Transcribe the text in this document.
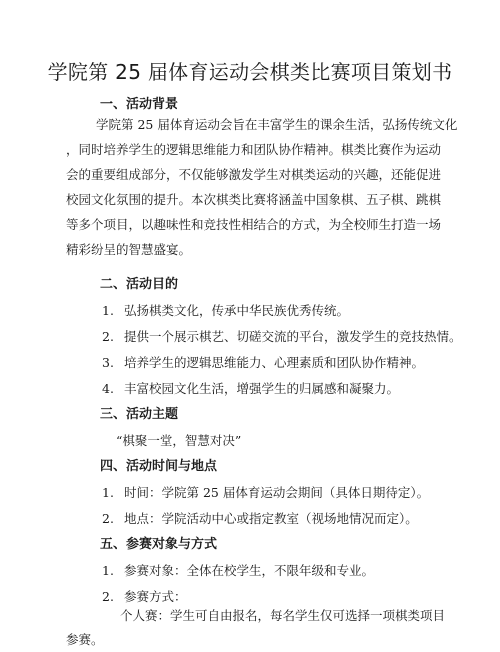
学院第 25 届体育运动会棋类比赛项目策划书
一、活动背景
学院第 25 届体育运动会旨在丰富学生的课余生活，弘扬传统文化
，同时培养学生的逻辑思维能力和团队协作精神。棋类比赛作为运动
会的重要组成部分，不仅能够激发学生对棋类运动的兴趣，还能促进
校园文化氛围的提升。本次棋类比赛将涵盖中国象棋、五子棋、跳棋
等多个项目，以趣味性和竞技性相结合的方式，为全校师生打造一场
精彩纷呈的智慧盛宴。
二、活动目的
1. 弘扬棋类文化，传承中华民族优秀传统。
2. 提供一个展示棋艺、切磋交流的平台，激发学生的竞技热情。
3. 培养学生的逻辑思维能力、心理素质和团队协作精神。
4. 丰富校园文化生活，增强学生的归属感和凝聚力。
三、活动主题
“棋聚一堂，智慧对决”
四、活动时间与地点
1. 时间：学院第 25 届体育运动会期间（具体日期待定）。
2. 地点：学院活动中心或指定教室（视场地情况而定）。
五、参赛对象与方式
1. 参赛对象：全体在校学生，不限年级和专业。
2. 参赛方式：
个人赛：学生可自由报名，每名学生仅可选择一项棋类项目
参赛。
